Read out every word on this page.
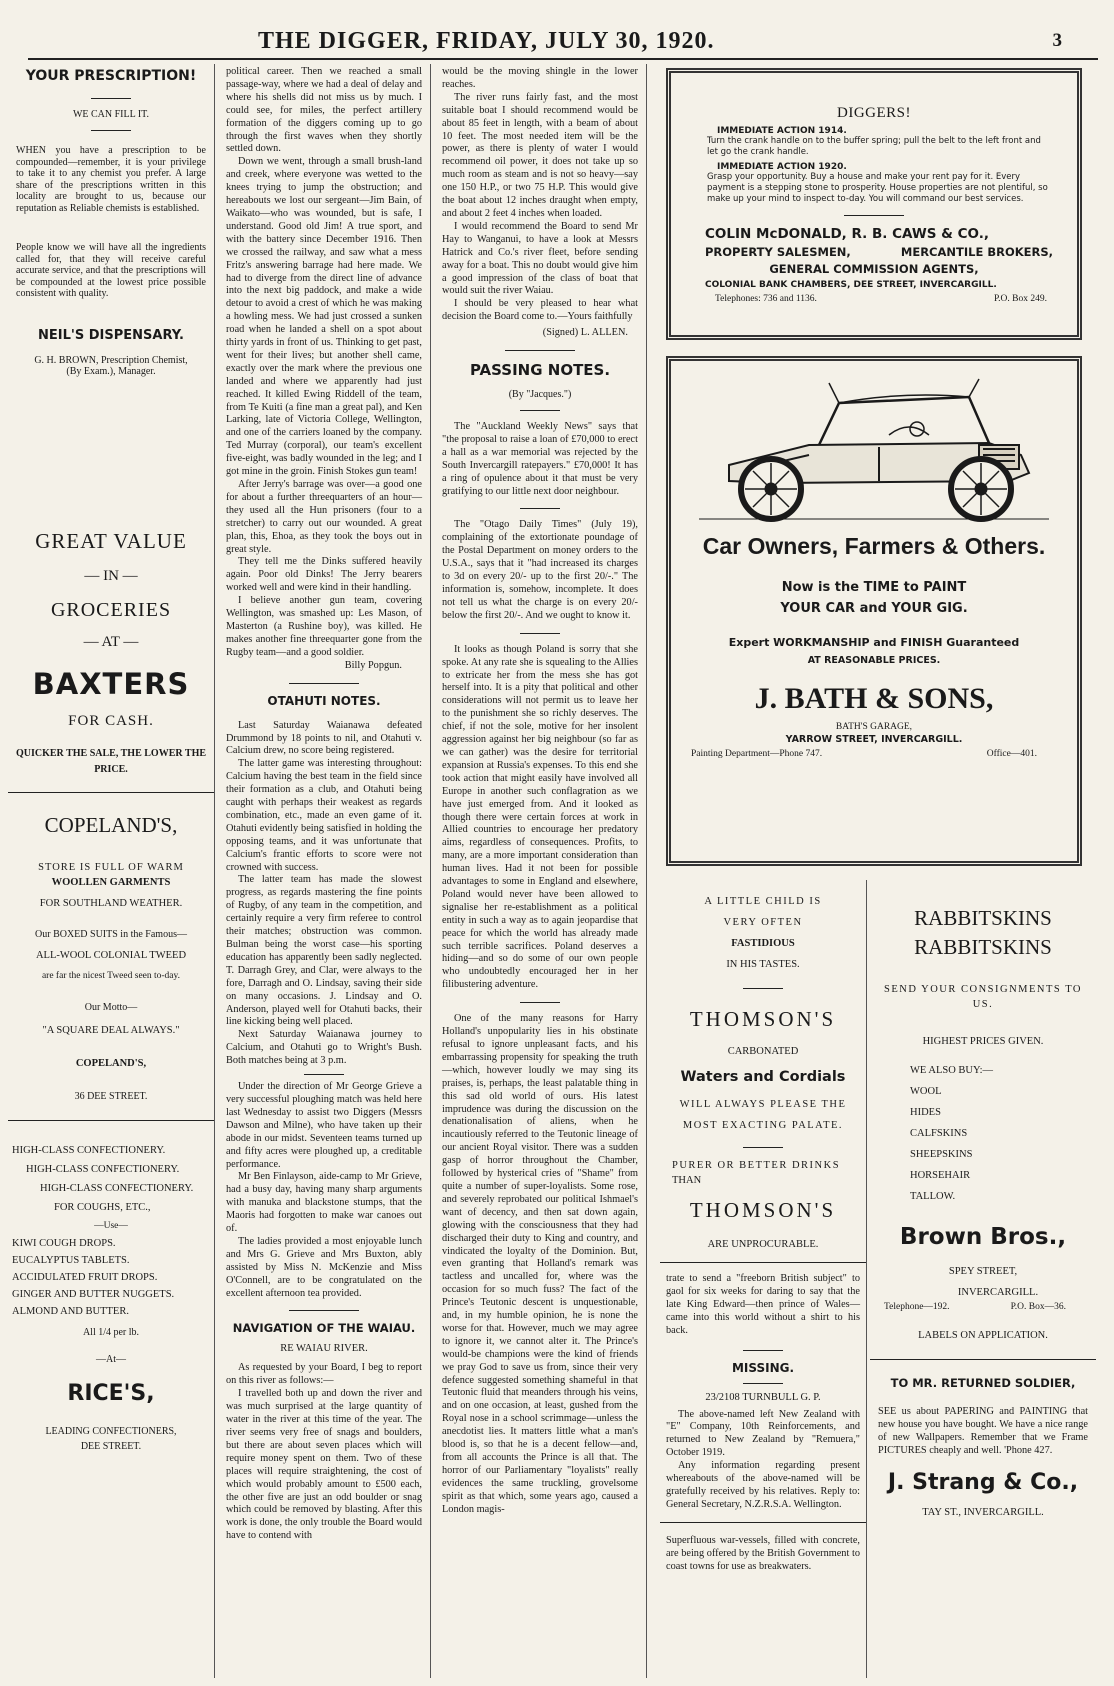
THE DIGGER, FRIDAY, JULY 30, 1920.	3
YOUR PRESCRIPTION!
WE CAN FILL IT.
WHEN you have a prescription to be compounded—remember, it is your privilege to take it to any chemist you prefer. A large share of the prescriptions written in this locality are brought to us, because our reputation as Reliable chemists is established.
People know we will have all the ingredients called for, that they will receive careful accurate service, and that the prescriptions will be compounded at the lowest price possible consistent with quality.
NEIL'S DISPENSARY.
G. H. BROWN, Prescription Chemist,
(By Exam.), Manager.
GREAT VALUE
— IN —
GROCERIES
— AT —
BAXTERS
FOR CASH.
QUICKER THE SALE, THE LOWER THE PRICE.
COPELAND'S,
STORE IS FULL OF WARM
WOOLLEN GARMENTS
FOR SOUTHLAND WEATHER.
Our BOXED SUITS in the Famous—
ALL-WOOL COLONIAL TWEED
are far the nicest Tweed seen to-day.
Our Motto—
"A SQUARE DEAL ALWAYS."
COPELAND'S,
36 DEE STREET.
HIGH-CLASS CONFECTIONERY.
HIGH-CLASS CONFECTIONERY.
HIGH-CLASS CONFECTIONERY.
FOR COUGHS, ETC.,
—Use—
KIWI COUGH DROPS.
EUCALYPTUS TABLETS.
ACCIDULATED FRUIT DROPS.
GINGER AND BUTTER NUGGETS.
ALMOND AND BUTTER.
All 1/4 per lb.
—At—
RICE'S,
LEADING CONFECTIONERS,
DEE STREET.

political career. Then we reached a small passage-way, where we had a deal of delay and where his shells did not miss us by much. I could see, for miles, the perfect artillery formation of the diggers coming up to go through the first waves when they shortly settled down.

Down we went, through a small brush-land and creek, where everyone was wetted to the knees trying to jump the obstruction; and hereabouts we lost our sergeant—Jim Bain, of Waikato—who was wounded, but is safe, I understand. Good old Jim! A true sport, and with the battery since December 1916. Then we crossed the railway, and saw what a mess Fritz's answering barrage had here made. We had to diverge from the direct line of advance into the next big paddock, and make a wide detour to avoid a crest of which he was making a howling mess. We had just crossed a sunken road when he landed a shell on a spot about thirty yards in front of us. Thinking to get past, went for their lives; but another shell came, exactly over the mark where the previous one landed and where we apparently had just reached. It killed Ewing Riddell of the team, from Te Kuiti (a fine man a great pal), and Ken Larking, late of Victoria College, Wellington, and one of the carriers loaned by the company. Ted Murray (corporal), our team's excellent five-eight, was badly wounded in the leg; and I got mine in the groin. Finish Stokes gun team!

After Jerry's barrage was over—a good one for about a further threequarters of an hour—they used all the Hun prisoners (four to a stretcher) to carry out our wounded. A great plan, this, Ehoa, as they took the boys out in great style.

They tell me the Dinks suffered heavily again. Poor old Dinks! The Jerry bearers worked well and were kind in their handling.

I believe another gun team, covering Wellington, was smashed up: Les Mason, of Masterton (a Rushine boy), was killed. He makes another fine threequarter gone from the Rugby team—and a good soldier.

Billy Popgun.
OTAHUTI NOTES.

Last Saturday Waianawa defeated Drummond by 18 points to nil, and Otahuti v. Calcium drew, no score being registered.

The latter game was interesting throughout: Calcium having the best team in the field since their formation as a club, and Otahuti being caught with perhaps their weakest as regards combination, etc., made an even game of it. Otahuti evidently being satisfied in holding the opposing teams, and it was unfortunate that Calcium's frantic efforts to score were not crowned with success.

The latter team has made the slowest progress, as regards mastering the fine points of Rugby, of any team in the competition, and certainly require a very firm referee to control their matches; obstruction was common. Bulman being the worst case—his sporting education has apparently been sadly neglected. T. Darragh Grey, and Clar, were always to the fore, Darragh and O. Lindsay, saving their side on many occasions. J. Lindsay and O. Anderson, played well for Otahuti backs, their line kicking being well placed.

Next Saturday Waianawa journey to Calcium, and Otahuti go to Wright's Bush. Both matches being at 3 p.m.

Under the direction of Mr George Grieve a very successful ploughing match was held here last Wednesday to assist two Diggers (Messrs Dawson and Milne), who have taken up their abode in our midst. Seventeen teams turned up and fifty acres were ploughed up, a creditable performance.

Mr Ben Finlayson, aide-camp to Mr Grieve, had a busy day, having many sharp arguments with manuka and blackstone stumps, that the Maoris had forgotten to make war canoes out of.

The ladies provided a most enjoyable lunch and Mrs G. Grieve and Mrs Buxton, ably assisted by Miss N. McKenzie and Miss O'Connell, are to be congratulated on the excellent afternoon tea provided.

NAVIGATION OF THE WAIAU.
RE WAIAU RIVER.

As requested by your Board, I beg to report on this river as follows:—

I travelled both up and down the river and was much surprised at the large quantity of water in the river at this time of the year. The river seems very free of snags and boulders, but there are about seven places which will require money spent on them. Two of these places will require straightening, the cost of which would probably amount to £500 each, the other five are just an odd boulder or snag which could be removed by blasting. After this work is done, the only trouble the Board would have to contend with

would be the moving shingle in the lower reaches.

The river runs fairly fast, and the most suitable boat I should recommend would be about 85 feet in length, with a beam of about 10 feet. The most needed item will be the power, as there is plenty of water I would recommend oil power, it does not take up so much room as steam and is not so heavy—say one 150 H.P., or two 75 H.P. This would give the boat about 12 inches draught when empty, and about 2 feet 4 inches when loaded.

I would recommend the Board to send Mr Hay to Wanganui, to have a look at Messrs Hatrick and Co.'s river fleet, before sending away for a boat. This no doubt would give him a good impression of the class of boat that would suit the river Waiau.

I should be very pleased to hear what decision the Board come to.—Yours faithfully

(Signed) L. ALLEN.
PASSING NOTES.
(By "Jacques.")

The "Auckland Weekly News" says that "the proposal to raise a loan of £70,000 to erect a hall as a war memorial was rejected by the South Invercargill ratepayers." £70,000! It has a ring of opulence about it that must be very gratifying to our little next door neighbour.

The "Otago Daily Times" (July 19), complaining of the extortionate poundage of the Postal Department on money orders to the U.S.A., says that it "had increased its charges to 3d on every 20/- up to the first 20/-." The information is, somehow, incomplete. It does not tell us what the charge is on every 20/- below the first 20/-. And we ought to know it.

It looks as though Poland is sorry that she spoke. At any rate she is squealing to the Allies to extricate her from the mess she has got herself into. It is a pity that political and other considerations will not permit us to leave her to the punishment she so richly deserves. The chief, if not the sole, motive for her insolent aggression against her big neighbour (so far as we can gather) was the desire for territorial expansion at Russia's expenses. To this end she took action that might easily have involved all Europe in another such conflagration as we have just emerged from. And it looked as though there were certain forces at work in Allied countries to encourage her predatory aims, regardless of consequences. Profits, to many, are a more important consideration than human lives. Had it not been for possible advantages to some in England and elsewhere, Poland would never have been allowed to signalise her re-establishment as a political entity in such a way as to again jeopardise that peace for which the world has already made such terrible sacrifices. Poland deserves a hiding—and so do some of our own people who undoubtedly encouraged her in her filibustering adventure.

One of the many reasons for Harry Holland's unpopularity lies in his obstinate refusal to ignore unpleasant facts, and his embarrassing propensity for speaking the truth—which, however loudly we may sing its praises, is, perhaps, the least palatable thing in this sad old world of ours. His latest imprudence was during the discussion on the denationalisation of aliens, when he incautiously referred to the Teutonic lineage of our ancient Royal visitor. There was a sudden gasp of horror throughout the Chamber, followed by hysterical cries of "Shame" from quite a number of super-loyalists. Some rose, and severely reprobated our political Ishmael's want of decency, and then sat down again, glowing with the consciousness that they had discharged their duty to King and country, and vindicated the loyalty of the Dominion. But, even granting that Holland's remark was tactless and uncalled for, where was the occasion for so much fuss? The fact of the Prince's Teutonic descent is unquestionable, and, in my humble opinion, he is none the worse for that. However, much we may agree to ignore it, we cannot alter it. The Prince's would-be champions were the kind of friends we pray God to save us from, since their very defence suggested something shameful in that Teutonic fluid that meanders through his veins, and on one occasion, at least, gushed from the Royal nose in a school scrimmage—unless the anecdotist lies. It matters little what a man's blood is, so that he is a decent fellow—and, from all accounts the Prince is all that. The horror of our Parliamentary "loyalists" really evidences the same truckling, grovelsome spirit as that which, some years ago, caused a London magis-

DIGGERS!
IMMEDIATE ACTION 1914.
Turn the crank handle on to the buffer spring; pull the belt to the left front and let go the crank handle.
IMMEDIATE ACTION 1920.
Grasp your opportunity. Buy a house and make your rent pay for it. Every payment is a stepping stone to prosperity. House properties are not plentiful, so make up your mind to inspect to-day. You will command our best services.
COLIN McDONALD, R. B. CAWS & CO.,
PROPERTY SALESMEN,	MERCANTILE BROKERS,
GENERAL COMMISSION AGENTS,
COLONIAL BANK CHAMBERS, DEE STREET, INVERCARGILL.
Telephones: 736 and 1136.	P.O. Box 249.
Car Owners, Farmers & Others.
Now is the TIME to PAINT
YOUR CAR and YOUR GIG.
Expert WORKMANSHIP and FINISH Guaranteed
AT REASONABLE PRICES.
J. BATH & SONS,
BATH'S GARAGE,
YARROW STREET, INVERCARGILL.
Painting Department—Phone 747.	Office—401.
A LITTLE CHILD IS
VERY OFTEN
FASTIDIOUS
IN HIS TASTES.
THOMSON'S
CARBONATED
Waters and Cordials
WILL ALWAYS PLEASE THE
MOST EXACTING PALATE.
PURER OR BETTER DRINKS
THAN
THOMSON'S
ARE UNPROCURABLE.
trate to send a "freeborn British subject" to gaol for six weeks for daring to say that the late King Edward—then prince of Wales—came into this world without a shirt to his back.
MISSING.
23/2108 TURNBULL G. P.

The above-named left New Zealand with "E" Company, 10th Reinforcements, and returned to New Zealand by "Remuera," October 1919.

Any information regarding present whereabouts of the above-named will be gratefully received by his relatives. Reply to: General Secretary, N.Z.R.S.A. Wellington.

Superfluous war-vessels, filled with concrete, are being offered by the British Government to coast towns for use as breakwaters.
RABBITSKINS
RABBITSKINS
SEND YOUR CONSIGNMENTS TO US.
HIGHEST PRICES GIVEN.
WE ALSO BUY:—
WOOL
HIDES
CALFSKINS
SHEEPSKINS
HORSEHAIR
TALLOW.
Brown Bros.,
SPEY STREET,
INVERCARGILL.
Telephone—192.	P.O. Box—36.
LABELS ON APPLICATION.
TO MR. RETURNED SOLDIER,
SEE us about PAPERING and PAINTING that new house you have bought. We have a nice range of new Wallpapers. Remember that we Frame PICTURES cheaply and well. 'Phone 427.
J. Strang & Co.,
TAY ST., INVERCARGILL.
